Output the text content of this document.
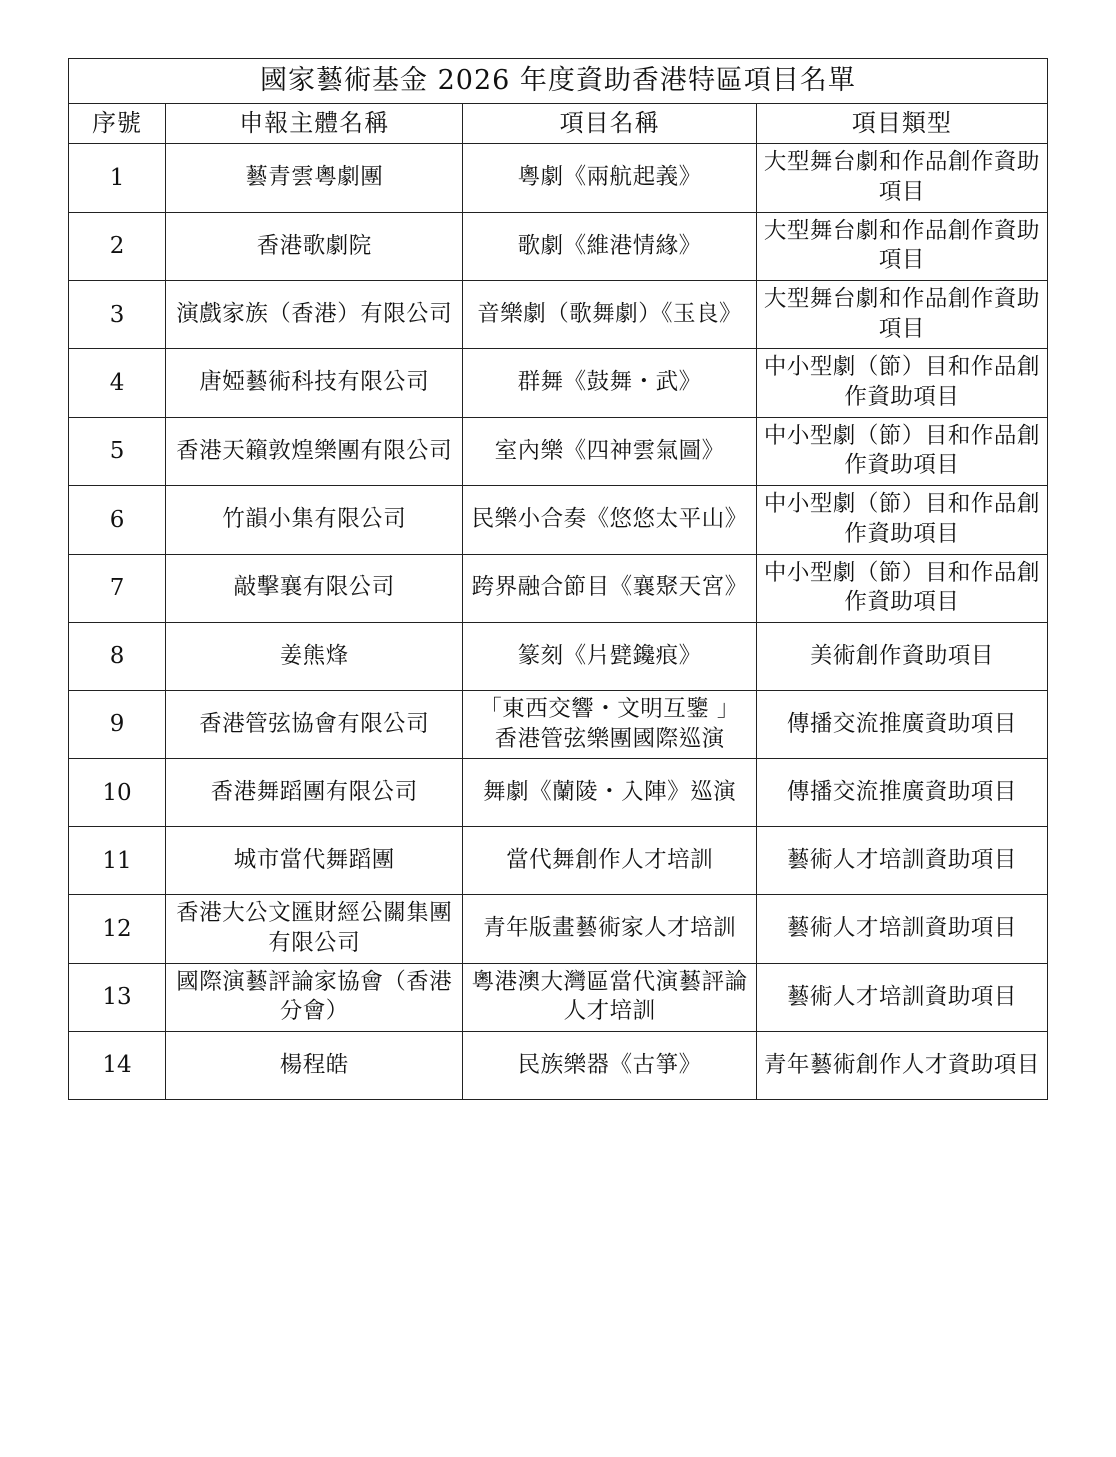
國家藝術基金 2026 年度資助香港特區項目名單			
序號	申報主體名稱	項目名稱	項目類型
1	藝青雲粵劇團	粵劇《兩航起義》	大型舞台劇和作品創作資助項目
2	香港歌劇院	歌劇《維港情緣》	大型舞台劇和作品創作資助項目
3	演戲家族（香港）有限公司	音樂劇（歌舞劇）《玉良》	大型舞台劇和作品創作資助項目
4	唐婭藝術科技有限公司	群舞《鼓舞・武》	中小型劇（節）目和作品創作資助項目
5	香港天籟敦煌樂團有限公司	室內樂《四神雲氣圖》	中小型劇（節）目和作品創作資助項目
6	竹韻小集有限公司	民樂小合奏《悠悠太平山》	中小型劇（節）目和作品創作資助項目
7	敲擊襄有限公司	跨界融合節目《襄聚天宮》	中小型劇（節）目和作品創作資助項目
8	姜熊烽	篆刻《片甓鑱痕》	美術創作資助項目
9	香港管弦協會有限公司	「東西交響・文明互鑒 」香港管弦樂團國際巡演	傳播交流推廣資助項目
10	香港舞蹈團有限公司	舞劇《蘭陵・入陣》巡演	傳播交流推廣資助項目
11	城市當代舞蹈團	當代舞創作人才培訓	藝術人才培訓資助項目
12	香港大公文匯財經公關集團有限公司	青年版畫藝術家人才培訓	藝術人才培訓資助項目
13	國際演藝評論家協會（香港分會）	粵港澳大灣區當代演藝評論人才培訓	藝術人才培訓資助項目
14	楊程皓	民族樂器《古箏》	青年藝術創作人才資助項目
